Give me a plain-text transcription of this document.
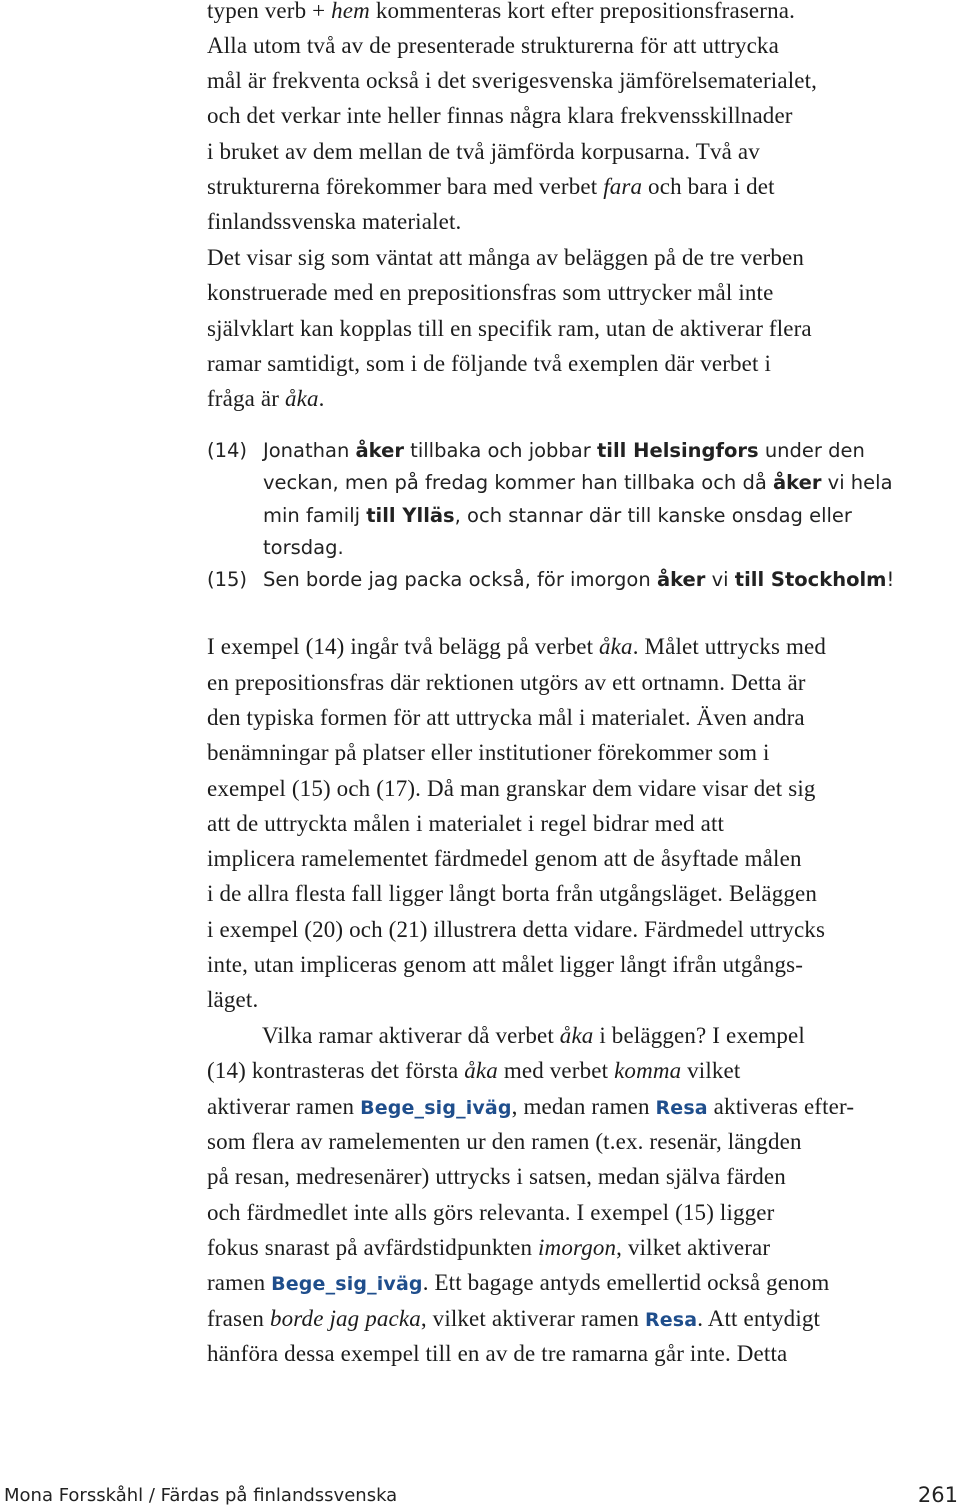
typen verb + hem kommenteras kort efter prepositionsfraserna.
Alla utom två av de presenterade strukturerna för att uttrycka
mål är frekventa också i det sverigesvenska jämförelsematerialet,
och det verkar inte heller finnas några klara frekvensskillnader
i bruket av dem mellan de två jämförda korpusarna. Två av
strukturerna förekommer bara med verbet fara och bara i det
finlandssvenska materialet.
Det visar sig som väntat att många av beläggen på de tre verben
konstruerade med en prepositionsfras som uttrycker mål inte
självklart kan kopplas till en specifik ram, utan de aktiverar flera
ramar samtidigt, som i de följande två exemplen där verbet i
fråga är åka.
(14) Jonathan åker tillbaka och jobbar till Helsingfors under den
veckan, men på fredag kommer han tillbaka och då åker vi hela
min familj till Ylläs, och stannar där till kanske onsdag eller
torsdag.
(15) Sen borde jag packa också, för imorgon åker vi till Stockholm!
I exempel (14) ingår två belägg på verbet åka. Målet uttrycks med
en prepositionsfras där rektionen utgörs av ett ortnamn. Detta är
den typiska formen för att uttrycka mål i materialet. Även andra
benämningar på platser eller institutioner förekommer som i
exempel (15) och (17). Då man granskar dem vidare visar det sig
att de uttryckta målen i materialet i regel bidrar med att
implicera ramelementet färdmedel genom att de åsyftade målen
i de allra flesta fall ligger långt borta från utgångsläget. Beläggen
i exempel (20) och (21) illustrera detta vidare. Färdmedel uttrycks
inte, utan impliceras genom att målet ligger långt ifrån utgångs-
läget.
Vilka ramar aktiverar då verbet åka i beläggen? I exempel
(14) kontrasteras det första åka med verbet komma vilket
aktiverar ramen Bege_sig_iväg, medan ramen Resa aktiveras efter-
som flera av ramelementen ur den ramen (t.ex. resenär, längden
på resan, medresenärer) uttrycks i satsen, medan själva färden
och färdmedlet inte alls görs relevanta. I exempel (15) ligger
fokus snarast på avfärdstidpunkten imorgon, vilket aktiverar
ramen Bege_sig_iväg. Ett bagage antyds emellertid också genom
frasen borde jag packa, vilket aktiverar ramen Resa. Att entydigt
hänföra dessa exempel till en av de tre ramarna går inte. Detta
Mona Forsskåhl / Färdas på finlandssvenska	261
